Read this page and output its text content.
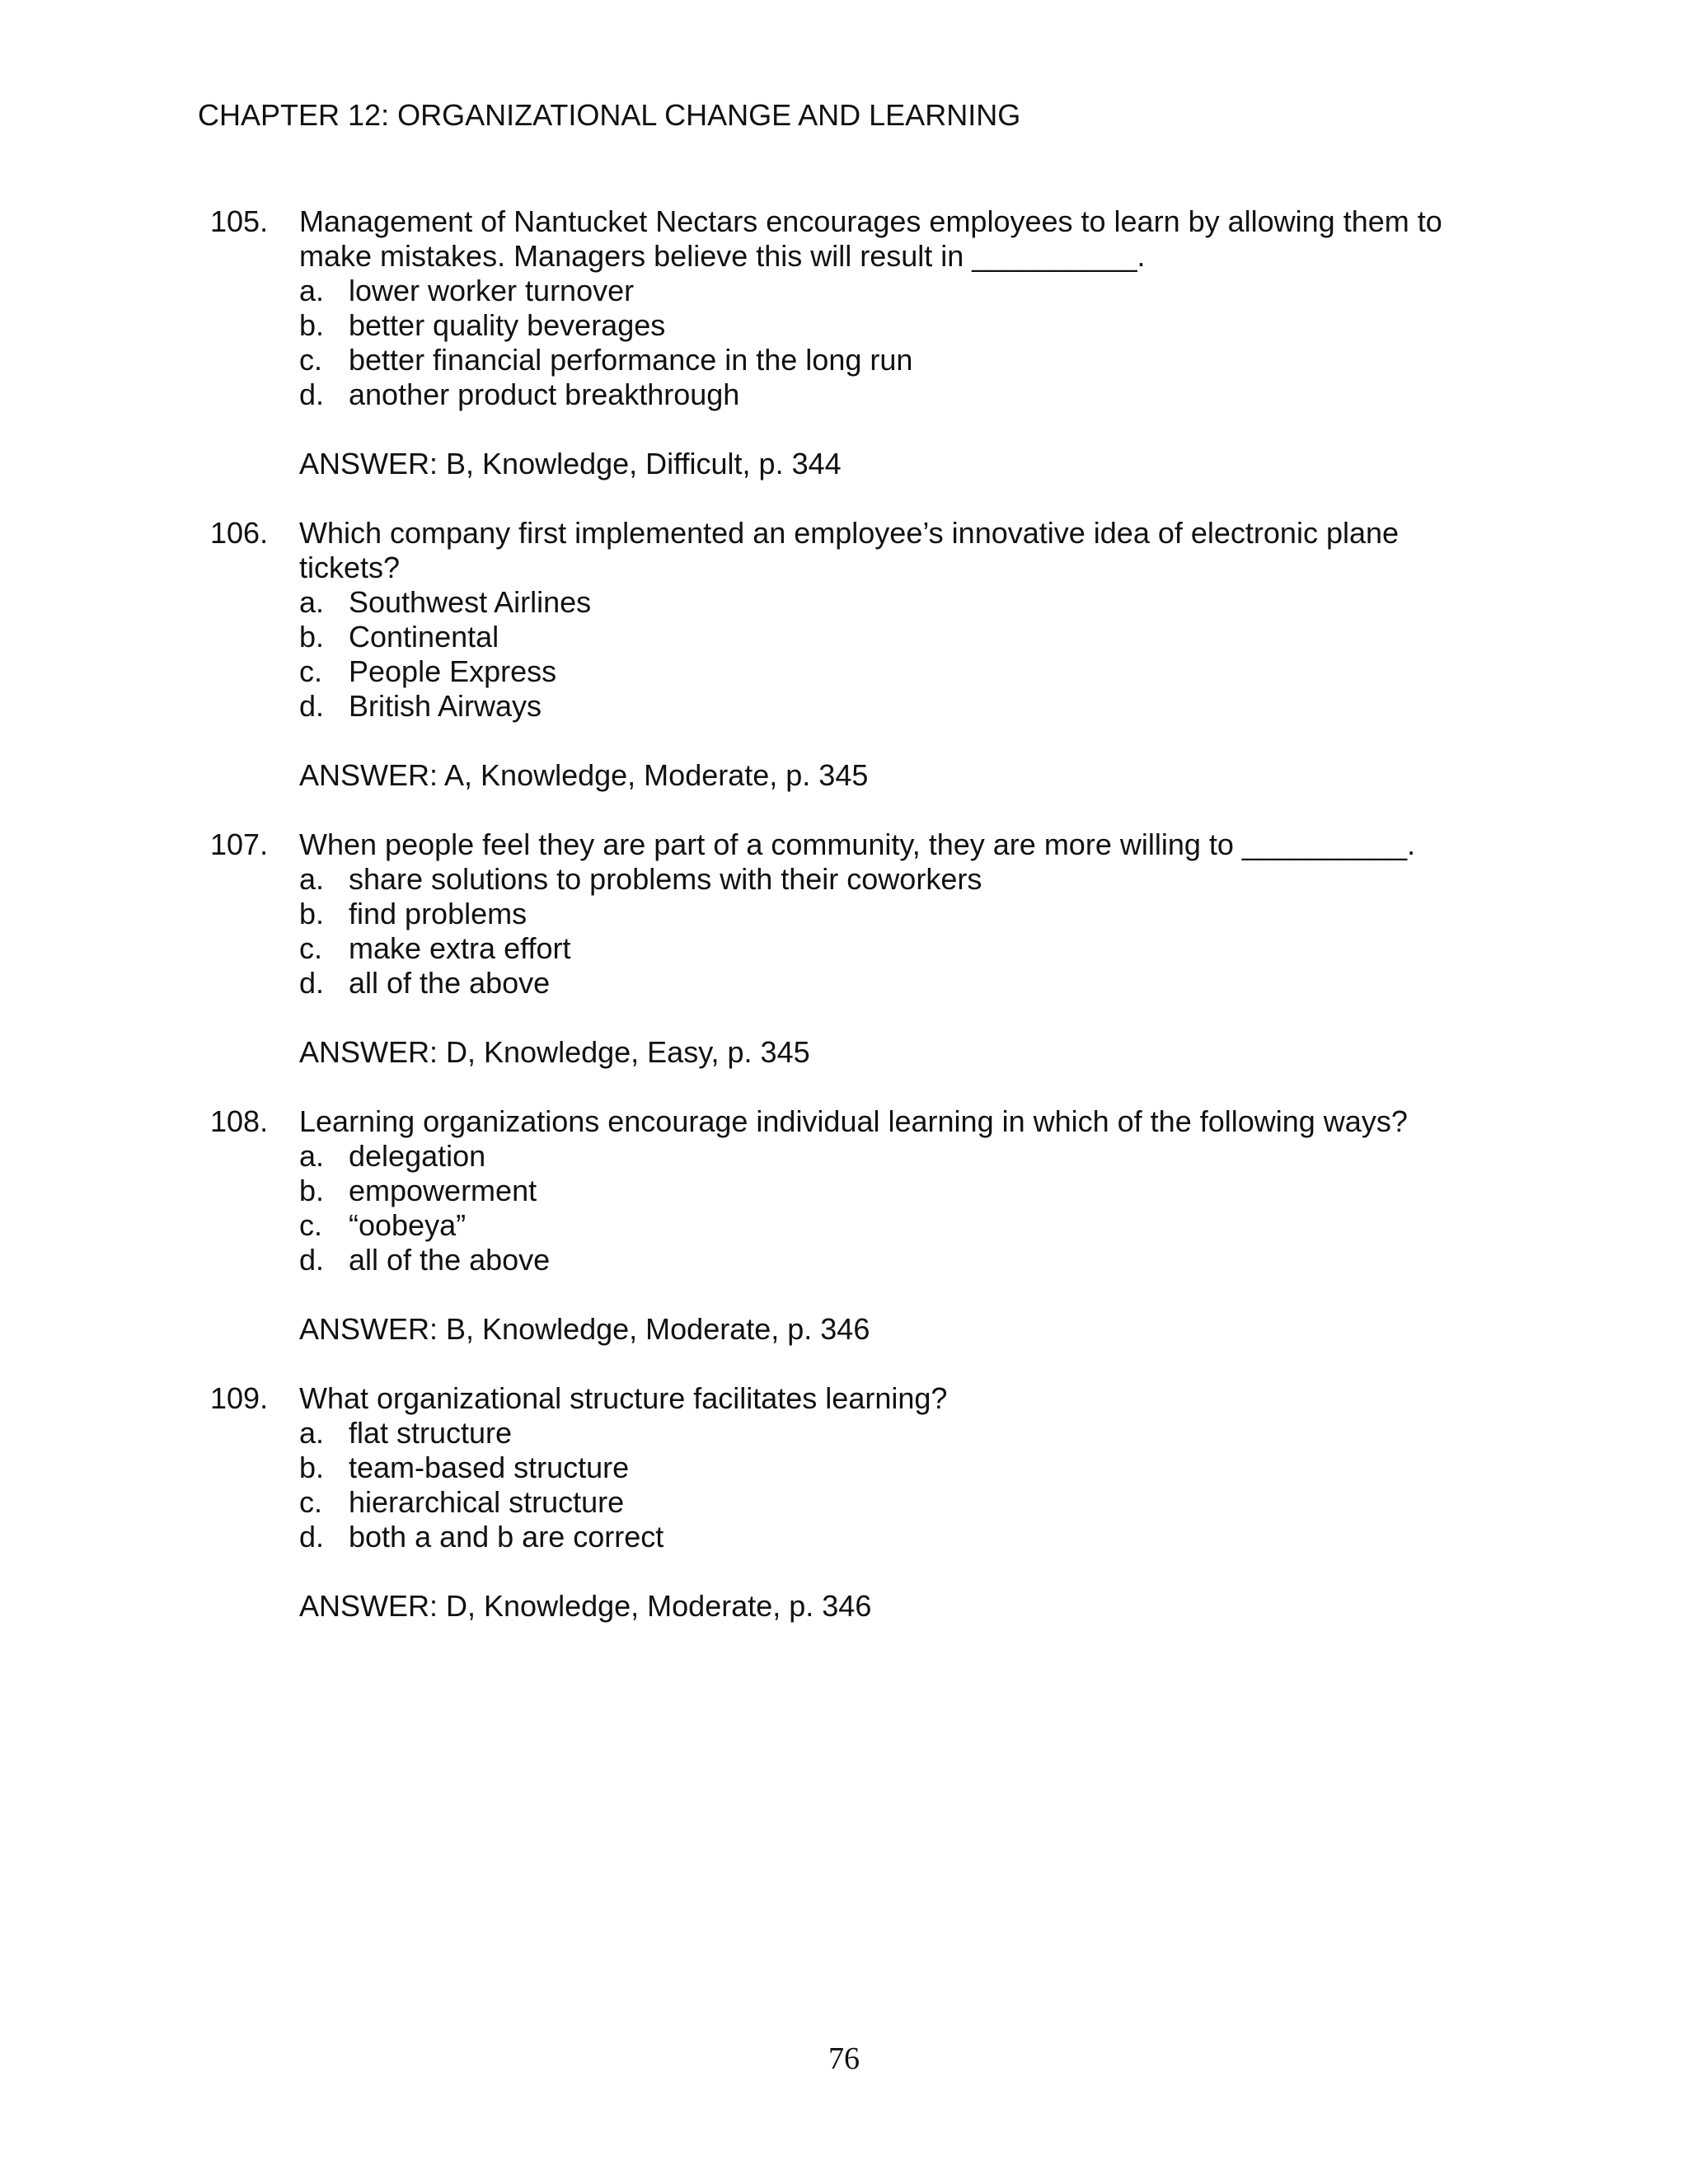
CHAPTER 12: ORGANIZATIONAL CHANGE AND LEARNING
105. Management of Nantucket Nectars encourages employees to learn by allowing them to make mistakes. Managers believe this will result in __________.
a. lower worker turnover
b. better quality beverages
c. better financial performance in the long run
d. another product breakthrough
ANSWER: B, Knowledge, Difficult, p. 344
106. Which company first implemented an employee’s innovative idea of electronic plane tickets?
a. Southwest Airlines
b. Continental
c. People Express
d. British Airways
ANSWER: A, Knowledge, Moderate, p. 345
107. When people feel they are part of a community, they are more willing to __________.
a. share solutions to problems with their coworkers
b. find problems
c. make extra effort
d. all of the above
ANSWER: D, Knowledge, Easy, p. 345
108. Learning organizations encourage individual learning in which of the following ways?
a. delegation
b. empowerment
c. “oobeya”
d. all of the above
ANSWER: B, Knowledge, Moderate, p. 346
109. What organizational structure facilitates learning?
a. flat structure
b. team-based structure
c. hierarchical structure
d. both a and b are correct
ANSWER: D, Knowledge, Moderate, p. 346
76
